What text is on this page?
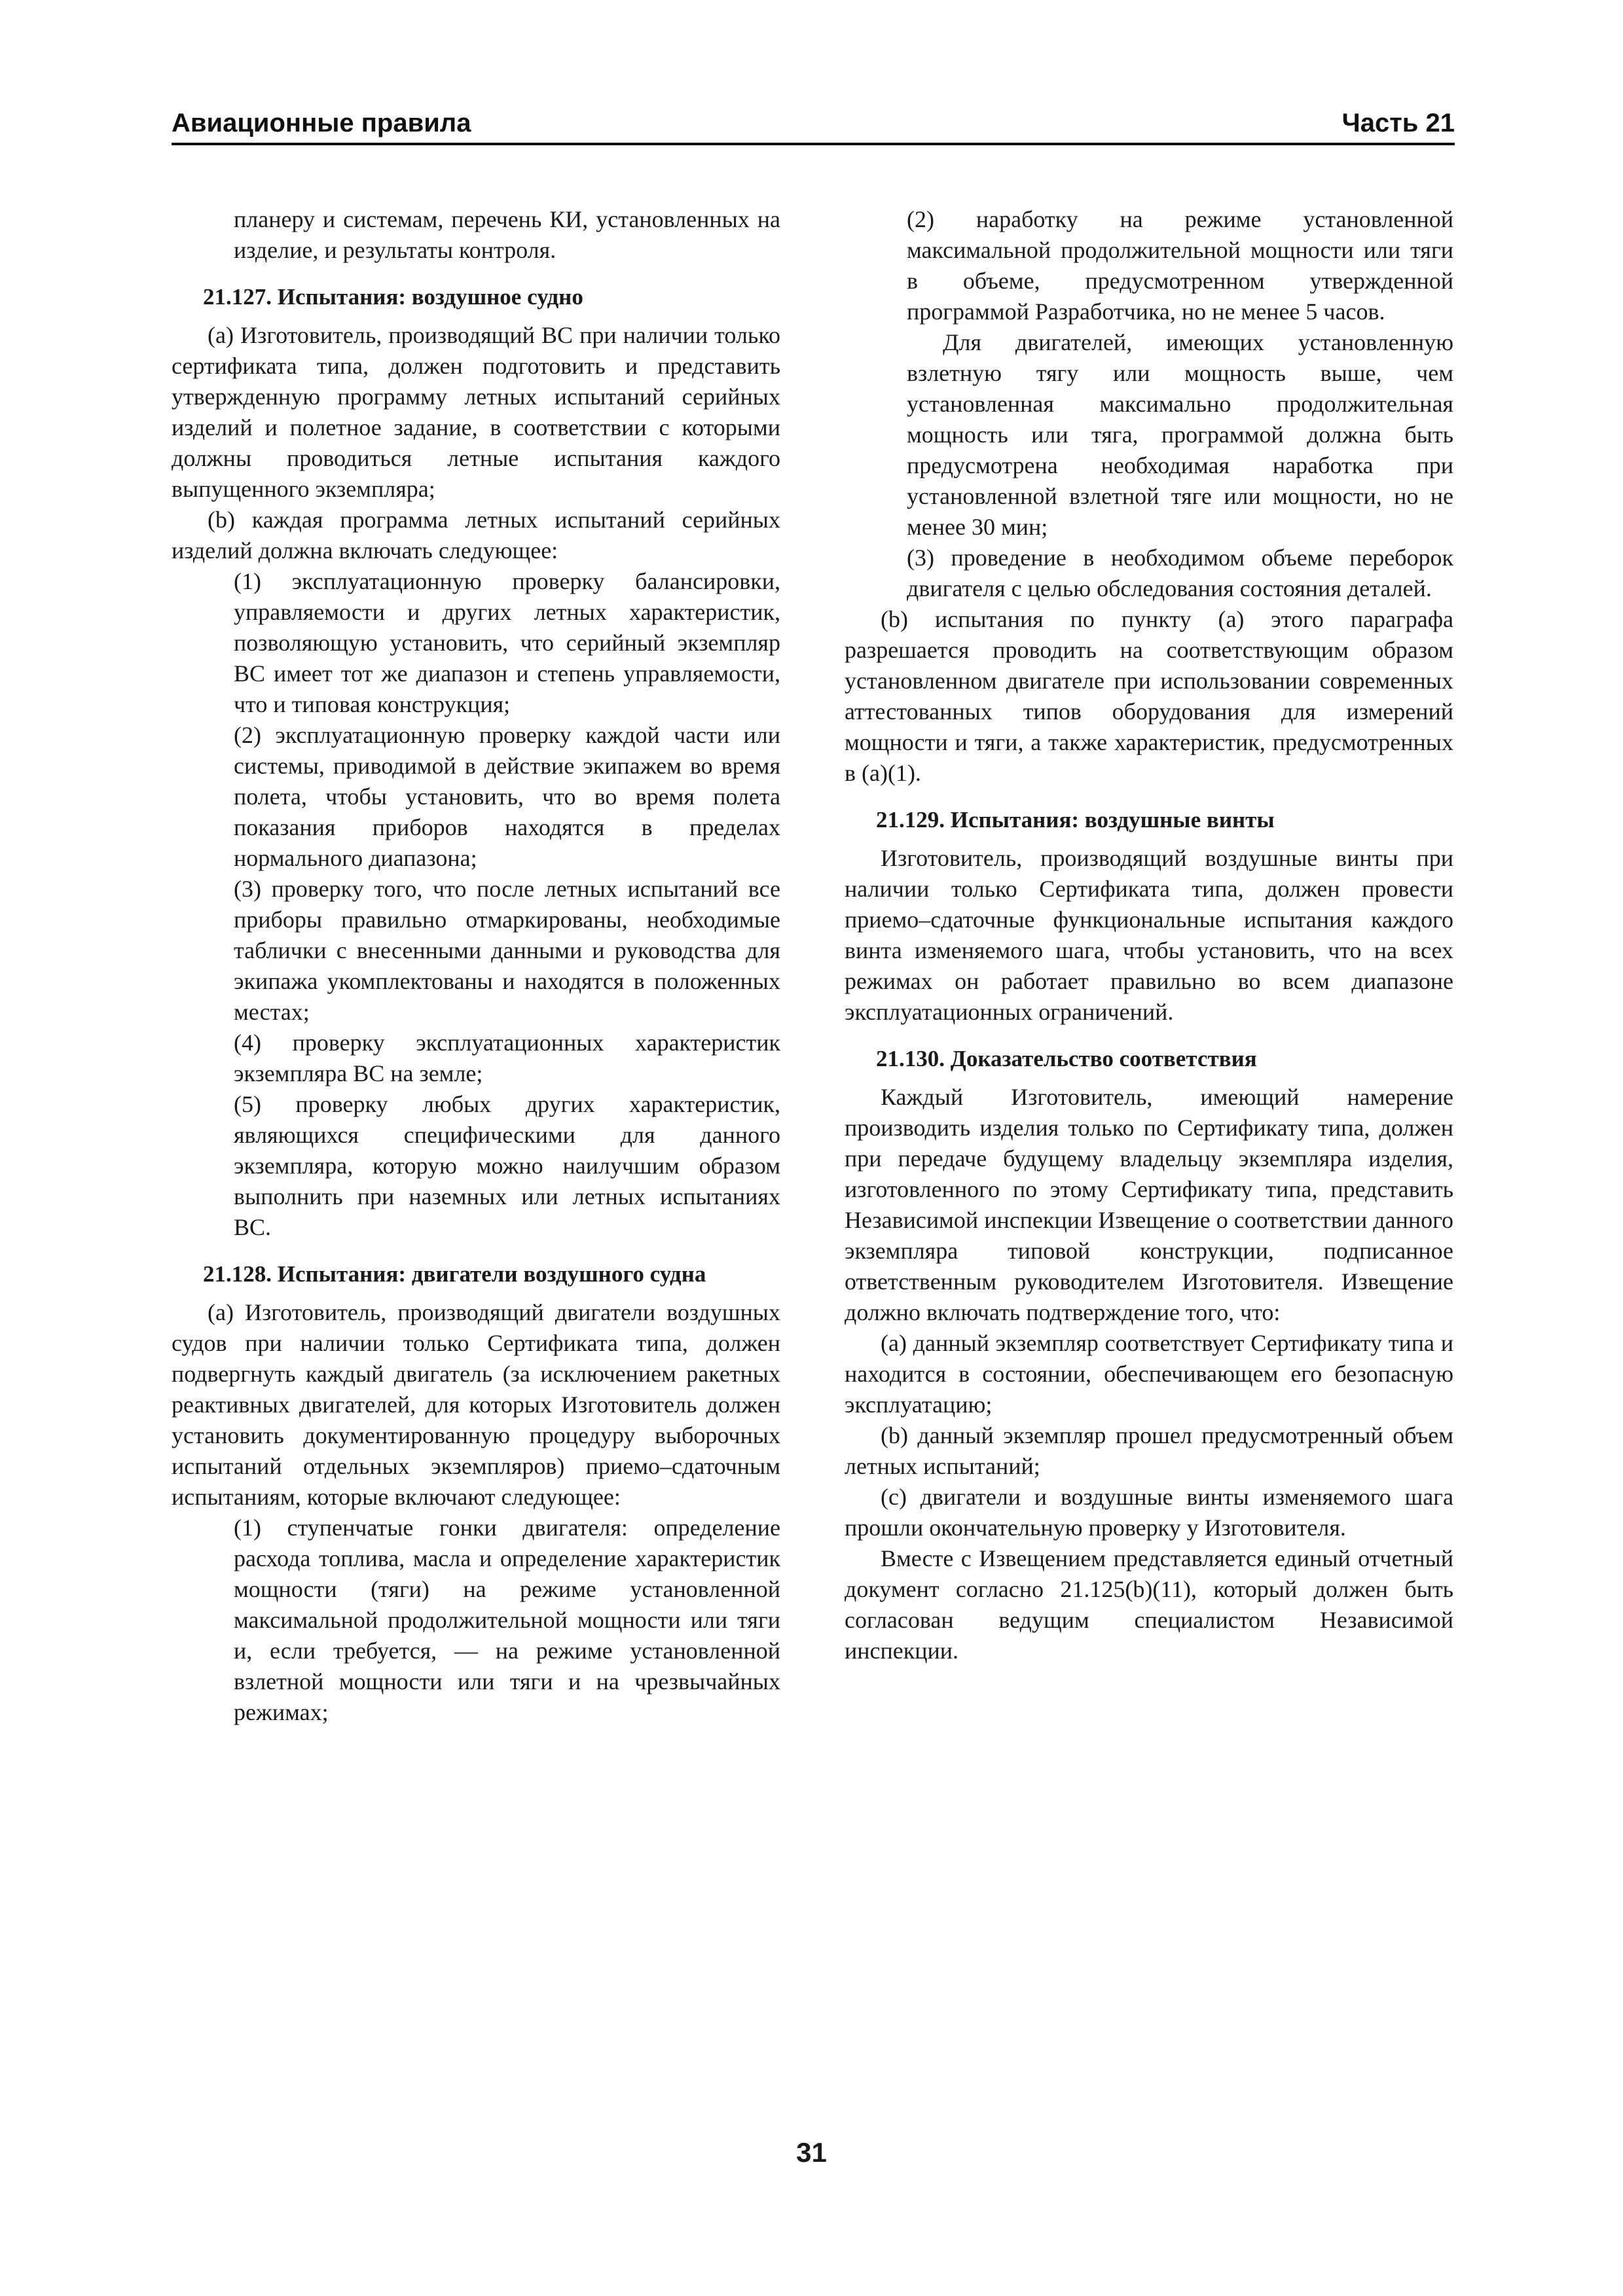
Авиационные правила	Часть 21

планеру и системам, перечень КИ, установленных на изделие, и результаты контроля.

21.127. Испытания: воздушное судно

(a) Изготовитель, производящий ВС при наличии только сертификата типа, должен подготовить и представить утвержденную программу летных испытаний серийных изделий и полетное задание, в соответствии с которыми должны проводиться летные испытания каждого выпущенного экземпляра;

(b) каждая программа летных испытаний серийных изделий должна включать следующее:

(1) эксплуатационную проверку балансировки, управляемости и других летных характеристик, позволяющую установить, что серийный экземпляр ВС имеет тот же диапазон и степень управляемости, что и типовая конструкция;

(2) эксплуатационную проверку каждой части или системы, приводимой в действие экипажем во время полета, чтобы установить, что во время полета показания приборов находятся в пределах нормального диапазона;

(3) проверку того, что после летных испытаний все приборы правильно отмаркированы, необходимые таблички с внесенными данными и руководства для экипажа укомплектованы и находятся в положенных местах;

(4) проверку эксплуатационных характеристик экземпляра ВС на земле;

(5) проверку любых других характеристик, являющихся специфическими для данного экземпляра, которую можно наилучшим образом выполнить при наземных или летных испытаниях ВС.

21.128. Испытания: двигатели воздушного судна

(a) Изготовитель, производящий двигатели воздушных судов при наличии только Сертификата типа, должен подвергнуть каждый двигатель (за исключением ракетных реактивных двигателей, для которых Изготовитель должен установить документированную процедуру выборочных испытаний отдельных экземпляров) приемо–сдаточным испытаниям, которые включают следующее:

(1) ступенчатые гонки двигателя: определение расхода топлива, масла и определение характеристик мощности (тяги) на режиме установленной максимальной продолжительной мощности или тяги и, если требуется, — на режиме установленной взлетной мощности или тяги и на чрезвычайных режимах;

(2) наработку на режиме установленной максимальной продолжительной мощности или тяги в объеме, предусмотренном утвержденной программой Разработчика, но не менее 5 часов.

Для двигателей, имеющих установленную взлетную тягу или мощность выше, чем установленная максимально продолжительная мощность или тяга, программой должна быть предусмотрена необходимая наработка при установленной взлетной тяге или мощности, но не менее 30 мин;

(3) проведение в необходимом объеме переборок двигателя с целью обследования состояния деталей.

(b) испытания по пункту (a) этого параграфа разрешается проводить на соответствующим образом установленном двигателе при использовании современных аттестованных типов оборудования для измерений мощности и тяги, а также характеристик, предусмотренных в (a)(1).

21.129. Испытания: воздушные винты

Изготовитель, производящий воздушные винты при наличии только Сертификата типа, должен провести приемо–сдаточные функциональные испытания каждого винта изменяемого шага, чтобы установить, что на всех режимах он работает правильно во всем диапазоне эксплуатационных ограничений.

21.130. Доказательство соответствия

Каждый Изготовитель, имеющий намерение производить изделия только по Сертификату типа, должен при передаче будущему владельцу экземпляра изделия, изготовленного по этому Сертификату типа, представить Независимой инспекции Извещение о соответствии данного экземпляра типовой конструкции, подписанное ответственным руководителем Изготовителя. Извещение должно включать подтверждение того, что:

(a) данный экземпляр соответствует Сертификату типа и находится в состоянии, обеспечивающем его безопасную эксплуатацию;

(b) данный экземпляр прошел предусмотренный объем летных испытаний;

(c) двигатели и воздушные винты изменяемого шага прошли окончательную проверку у Изготовителя.

Вместе с Извещением представляется единый отчетный документ согласно 21.125(b)(11), который должен быть согласован ведущим специалистом Независимой инспекции.

31
